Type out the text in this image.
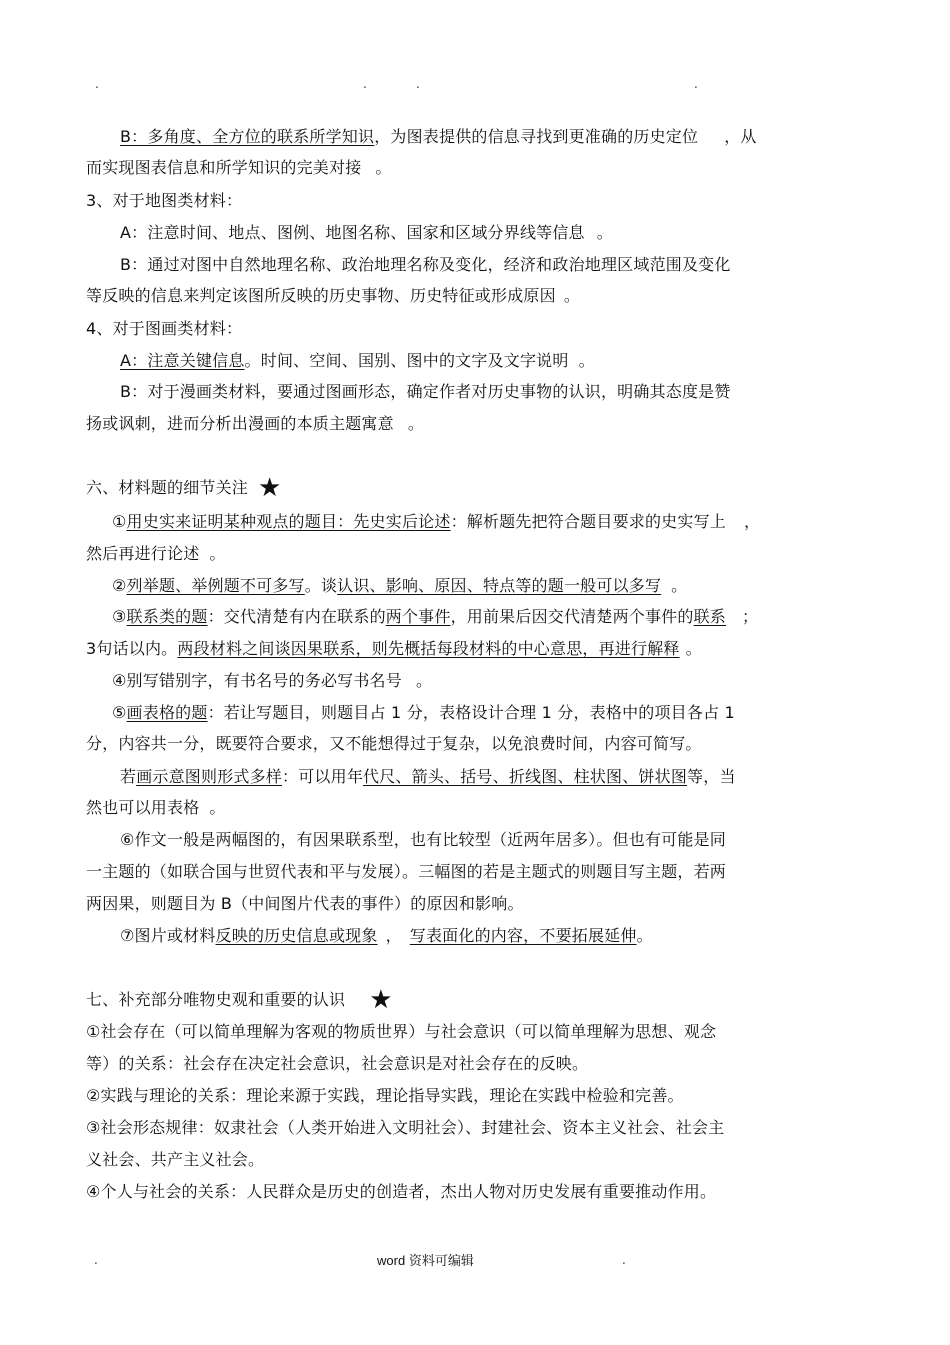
.	.	.	.
B：多角度、全方位的联系所学知识，为图表提供的信息寻找到更准确的历史定位 ，从
而实现图表信息和所学知识的完美对接 。
3、对于地图类材料：
A：注意时间、地点、图例、地图名称、国家和区域分界线等信息 。
B：通过对图中自然地理名称、政治地理名称及变化，经济和政治地理区域范围及变化
等反映的信息来判定该图所反映的历史事物、历史特征或形成原因 。
4、对于图画类材料：
A：注意关键信息。时间、空间、国别、图中的文字及文字说明 。
B：对于漫画类材料，要通过图画形态，确定作者对历史事物的认识，明确其态度是赞
扬或讽刺，进而分析出漫画的本质主题寓意 。
六、材料题的细节关注 ★
①用史实来证明某种观点的题目：先史实后论述：解析题先把符合题目要求的史实写上 ，
然后再进行论述 。
②列举题、举例题不可多写。谈认识、影响、原因、特点等的题一般可以多写 。
③联系类的题：交代清楚有内在联系的两个事件，用前果后因交代清楚两个事件的联系 ；
3句话以内。两段材料之间谈因果联系，则先概括每段材料的中心意思，再进行解释 。
④别写错别字，有书名号的务必写书名号 。
⑤画表格的题：若让写题目，则题目占 1 分，表格设计合理 1 分，表格中的项目各占 1
分，内容共一分，既要符合要求，又不能想得过于复杂，以免浪费时间，内容可简写。
若画示意图则形式多样：可以用年代尺、箭头、括号、折线图、柱状图、饼状图等，当
然也可以用表格 。
⑥作文一般是两幅图的，有因果联系型，也有比较型（近两年居多）。但也有可能是同
一主题的（如联合国与世贸代表和平与发展）。三幅图的若是主题式的则题目写主题，若两
两因果，则题目为 B（中间图片代表的事件）的原因和影响。
⑦图片或材料反映的历史信息或现象 ， 写表面化的内容，不要拓展延伸。
七、补充部分唯物史观和重要的认识 ★
①社会存在（可以简单理解为客观的物质世界）与社会意识（可以简单理解为思想、观念
等）的关系：社会存在决定社会意识，社会意识是对社会存在的反映。
②实践与理论的关系：理论来源于实践，理论指导实践，理论在实践中检验和完善。
③社会形态规律：奴隶社会（人类开始进入文明社会）、封建社会、资本主义社会、社会主
义社会、共产主义社会。
④个人与社会的关系：人民群众是历史的创造者，杰出人物对历史发展有重要推动作用。
.	word 资料可编辑	.
